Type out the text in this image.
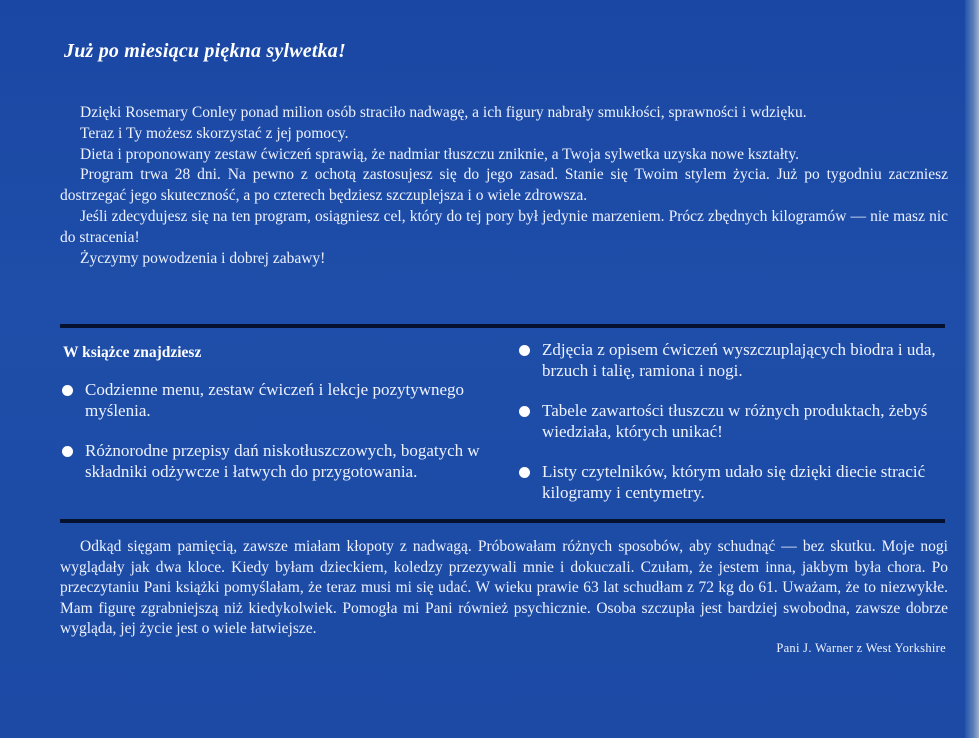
Już po miesiącu piękna sylwetka!

Dzięki Rosemary Conley ponad milion osób straciło nadwagę, a ich figury nabrały smukłości, sprawności i wdzięku.

Teraz i Ty możesz skorzystać z jej pomocy.

Dieta i proponowany zestaw ćwiczeń sprawią, że nadmiar tłuszczu zniknie, a Twoja sylwetka uzyska nowe kształty.

Program trwa 28 dni. Na pewno z ochotą zastosujesz się do jego zasad. Stanie się Twoim stylem życia. Już po tygodniu zaczniesz dostrzegać jego skuteczność, a po czterech będziesz szczuplejsza i o wiele zdrowsza.

Jeśli zdecydujesz się na ten program, osiągniesz cel, który do tej pory był jedynie marzeniem. Prócz zbędnych kilogramów — nie masz nic do stracenia!

Życzymy powodzenia i dobrej zabawy!

W książce znajdziesz
Codzienne menu, zestaw ćwiczeń i lekcje pozytywnego myślenia.
Różnorodne przepisy dań niskotłuszczowych, bogatych w składniki odżywcze i łatwych do przygotowania.
Zdjęcia z opisem ćwiczeń wyszczuplających biodra i uda, brzuch i talię, ramiona i nogi.
Tabele zawartości tłuszczu w różnych produktach, żebyś wiedziała, których unikać!
Listy czytelników, którym udało się dzięki diecie stracić kilogramy i centymetry.

Odkąd sięgam pamięcią, zawsze miałam kłopoty z nadwagą. Próbowałam różnych sposobów, aby schudnąć — bez skutku. Moje nogi wyglądały jak dwa kloce. Kiedy byłam dzieckiem, koledzy przezywali mnie i dokuczali. Czułam, że jestem inna, jakbym była chora. Po przeczytaniu Pani książki pomyślałam, że teraz musi mi się udać. W wieku prawie 63 lat schudłam z 72 kg do 61. Uważam, że to niezwykłe. Mam figurę zgrabniejszą niż kiedykolwiek. Pomogła mi Pani również psychicznie. Osoba szczupła jest bardziej swobodna, zawsze dobrze wygląda, jej życie jest o wiele łatwiejsze.

Pani J. Warner z West Yorkshire
